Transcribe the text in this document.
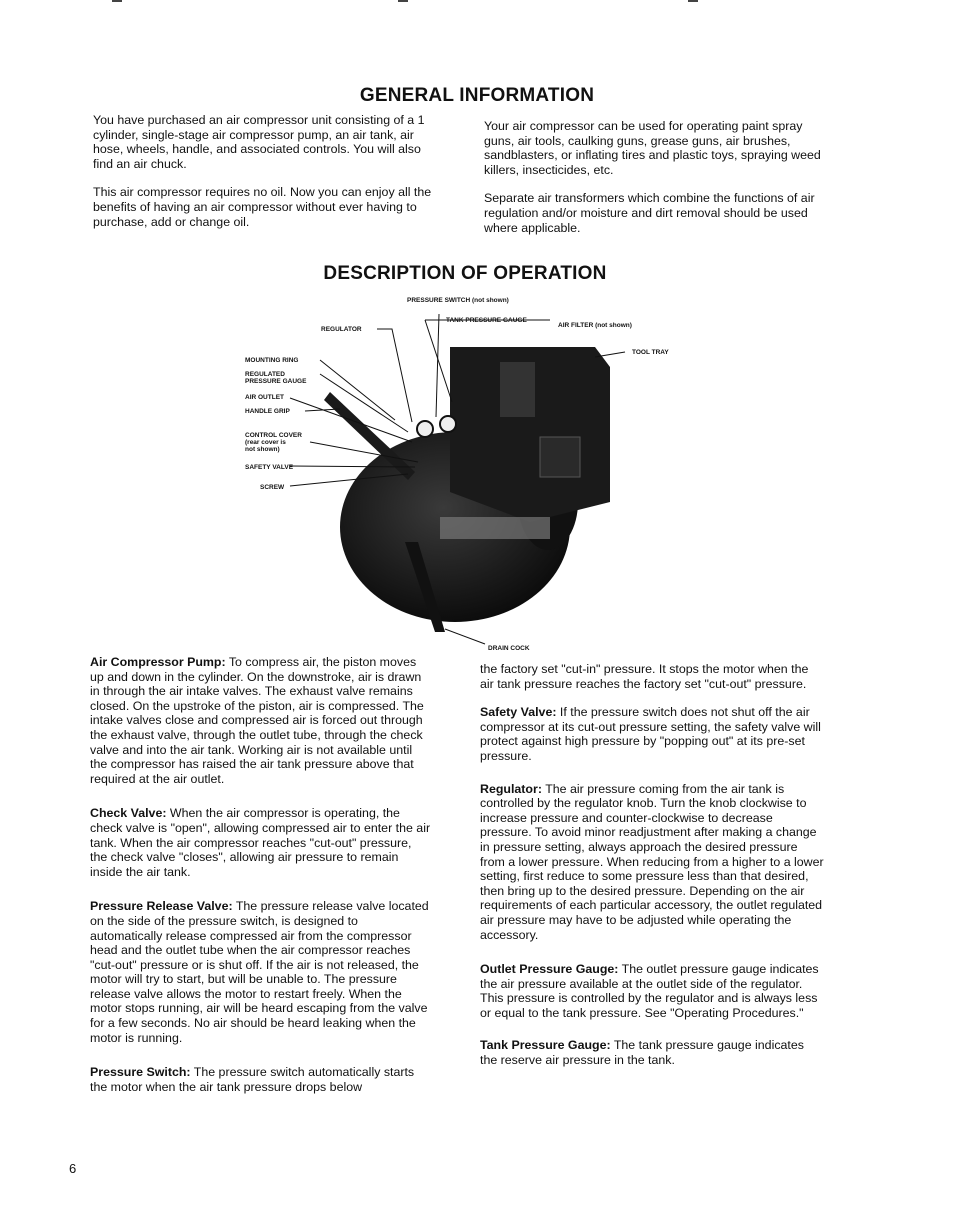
GENERAL INFORMATION

You have purchased an air compressor unit consisting of a 1 cylinder, single-stage air compressor pump, an air tank, air hose, wheels, handle, and associated controls. You will also find an air chuck.

This air compressor requires no oil. Now you can enjoy all the benefits of having an air compressor without ever having to purchase, add or change oil.

Your air compressor can be used for operating paint spray guns, air tools, caulking guns, grease guns, air brushes, sandblasters, or inflating tires and plastic toys, spraying weed killers, insecticides, etc.

Separate air transformers which combine the functions of air regulation and/or moisture and dirt removal should be used where applicable.

DESCRIPTION OF OPERATION
PRESSURE SWITCH (not shown)
REGULATOR
TANK PRESSURE GAUGE
AIR FILTER (not shown)
TOOL TRAY
MOUNTING RING
REGULATED
PRESSURE GAUGE
AIR OUTLET
HANDLE GRIP
CONTROL COVER
(rear cover is
not shown)
SAFETY VALVE
SCREW
DRAIN COCK

Air Compressor Pump: To compress air, the piston moves up and down in the cylinder. On the downstroke, air is drawn in through the air intake valves. The exhaust valve remains closed. On the upstroke of the piston, air is compressed. The intake valves close and compressed air is forced out through the exhaust valve, through the outlet tube, through the check valve and into the air tank. Working air is not available until the compressor has raised the air tank pressure above that required at the air outlet.

Check Valve: When the air compressor is operating, the check valve is "open", allowing compressed air to enter the air tank. When the air compressor reaches "cut-out" pressure, the check valve "closes", allowing air pressure to remain inside the air tank.

Pressure Release Valve: The pressure release valve located on the side of the pressure switch, is designed to automatically release compressed air from the compressor head and the outlet tube when the air compressor reaches "cut-out" pressure or is shut off. If the air is not released, the motor will try to start, but will be unable to. The pressure release valve allows the motor to restart freely. When the motor stops running, air will be heard escaping from the valve for a few seconds. No air should be heard leaking when the motor is running.

Pressure Switch: The pressure switch automatically starts the motor when the air tank pressure drops below

the factory set "cut-in" pressure. It stops the motor when the air tank pressure reaches the factory set "cut-out" pressure.

Safety Valve: If the pressure switch does not shut off the air compressor at its cut-out pressure setting, the safety valve will protect against high pressure by "popping out" at its pre-set pressure.

Regulator: The air pressure coming from the air tank is controlled by the regulator knob. Turn the knob clockwise to increase pressure and counter-clockwise to decrease pressure. To avoid minor readjustment after making a change in pressure setting, always approach the desired pressure from a lower pressure. When reducing from a higher to a lower setting, first reduce to some pressure less than that desired, then bring up to the desired pressure. Depending on the air requirements of each particular accessory, the outlet regulated air pressure may have to be adjusted while operating the accessory.

Outlet Pressure Gauge: The outlet pressure gauge indicates the air pressure available at the outlet side of the regulator. This pressure is controlled by the regulator and is always less or equal to the tank pressure. See "Operating Procedures."

Tank Pressure Gauge: The tank pressure gauge indicates the reserve air pressure in the tank.

6
